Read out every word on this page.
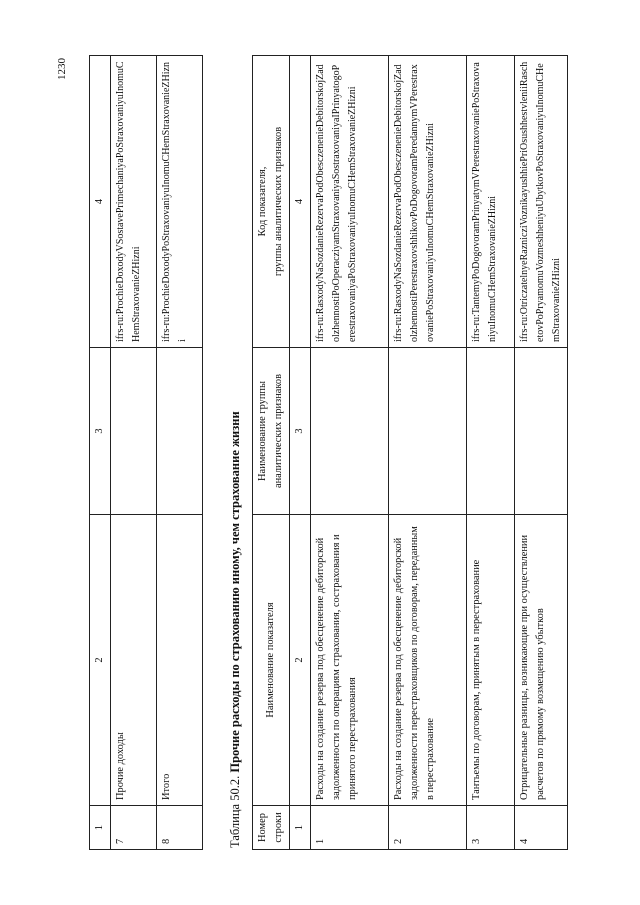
1230
1	2	3	4
7	Прочие доходы		ifrs-ru:ProchieDoxodyVSostavePrimechaniyaPoStraxovaniyuInomuCHemStraxovanieZHizni
8	Итого		ifrs-ru:ProchieDoxodyPoStraxovaniyuInomuCHemStraxovanieZHizni
Таблица 50.2. Прочие расходы по страхованию иному, чем страхование жизни
Номер строки	Наименование показателя	Наименование группы аналитических признаков	Код показателя, группы аналитических признаков

1	2	3	4
1	Расходы на создание резерва под обесценение дебиторской задолженности по операциям страхования, сострахования и принятого перестрахования		ifrs-ru:RasxodyNaSozdanieRezervaPodObesczenenieDebitorskojZadolzhennostiPoOperacziyamStraxovaniyaSostraxovaniyaIPrinyatogoPerestraxovaniyaPoStraxovaniyuInomuCHemStraxovanieZHizni
2	Расходы на создание резерва под обесценение дебиторской задолженности перестраховщиков по договорам, переданным в перестрахование		ifrs-ru:RasxodyNaSozdanieRezervaPodObesczenenieDebitorskojZadolzhennostiPerestraxovshhikovPoDogovoramPeredannymVPerestraxovaniePoStraxovaniyuInomuCHemStraxovanieZHizni
3	Тантьемы по договорам, принятым в перестрахование		ifrs-ru:TantemyPoDogovoramPrinyatymVPerestraxovaniePoStraxovaniyuInomuCHemStraxovanieZHizni
4	Отрицательные разницы, возникающие при осуществлении расчетов по прямому возмещению убытков		ifrs-ru:OtriczatelnyeRaznicziVoznikayushhiePriOsushhestvleniiRaschetovPoPryamomuVozmeshheniyuUbytkovPoStraxovaniyuInomuCHemStraxovanieZHizni
